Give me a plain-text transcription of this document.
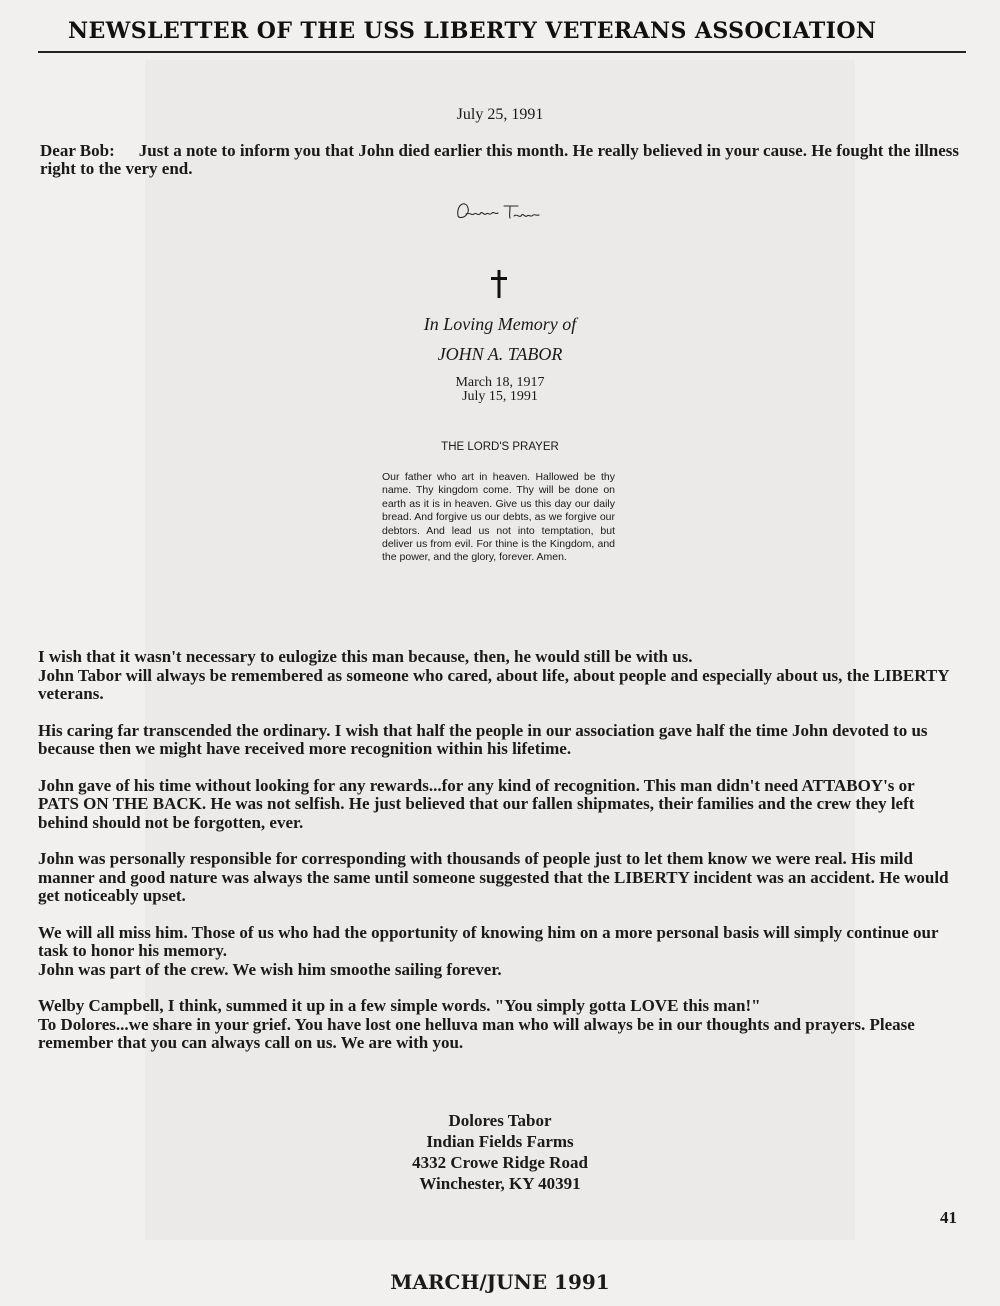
NEWSLETTER OF THE USS LIBERTY VETERANS ASSOCIATION
July 25, 1991
Dear Bob: Just a note to inform you that John died earlier this month. He really believed in your cause. He fought the illness right to the very end.
In Loving Memory of
JOHN A. TABOR
March 18, 1917
July 15, 1991
THE LORD'S PRAYER

Our father who art in heaven. Hallowed be thy name. Thy kingdom come. Thy will be done on earth as it is in heaven. Give us this day our daily bread. And forgive us our debts, as we forgive our debtors. And lead us not into temptation, but deliver us from evil. For thine is the Kingdom, and the power, and the glory, forever. Amen.

I wish that it wasn't necessary to eulogize this man because, then, he would still be with us.
John Tabor will always be remembered as someone who cared, about life, about people and especially about us, the LIBERTY veterans.

His caring far transcended the ordinary. I wish that half the people in our association gave half the time John devoted to us because then we might have received more recognition within his lifetime.

John gave of his time without looking for any rewards...for any kind of recognition. This man didn't need ATTABOY's or PATS ON THE BACK. He was not selfish. He just believed that our fallen shipmates, their families and the crew they left behind should not be forgotten, ever.

John was personally responsible for corresponding with thousands of people just to let them know we were real. His mild manner and good nature was always the same until someone suggested that the LIBERTY incident was an accident. He would get noticeably upset.

We will all miss him. Those of us who had the opportunity of knowing him on a more personal basis will simply continue our task to honor his memory.
John was part of the crew. We wish him smoothe sailing forever.

Welby Campbell, I think, summed it up in a few simple words. "You simply gotta LOVE this man!"
To Dolores...we share in your grief. You have lost one helluva man who will always be in our thoughts and prayers. Please remember that you can always call on us. We are with you.

Dolores Tabor
Indian Fields Farms
4332 Crowe Ridge Road
Winchester, KY 40391
41
MARCH/JUNE 1991
